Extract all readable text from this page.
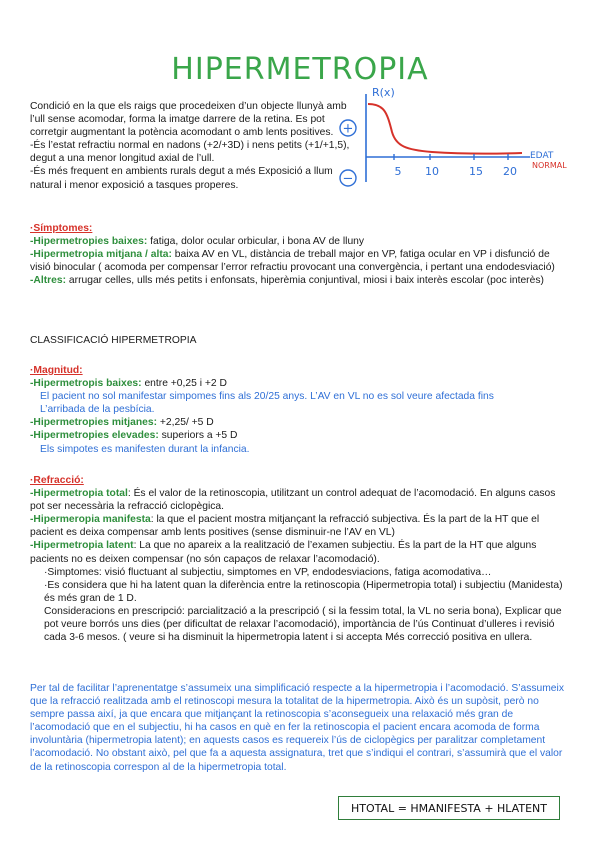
HIPERMETROPIA

Condició en la que els raigs que procedeixen d’un objecte llunyà amb l’ull sense acomodar, forma la imatge darrere de la retina. Es pot corretgir augmentant la potència acomodant o amb lents positives.

-És l’estat refractiu normal en nadons (+2/+3D) i nens petits (+1/+1,5), degut a una menor longitud axial de l’ull.

-És més frequent en ambients rurals degut a més Exposició a llum natural i menor exposició a tasques properes.

R(x)
+
−	5 10	15 20
EDAT
NORMAL

·Símptomes:

-Hipermetropies baixes: fatiga, dolor ocular orbicular, i bona AV de lluny

-Hipermetropia mitjana / alta: baixa AV en VL, distància de treball major en VP, fatiga ocular en VP i disfunció de visió binocular ( acomoda per compensar l’error refractiu provocant una convergència, i pertant una endodesviació)

-Altres: arrugar celles, ulls més petits i enfonsats, hiperèmia conjuntival, miosi i baix interès escolar (poc interès)

CLASSIFICACIÓ HIPERMETROPIA

·Magnitud:

-Hipermetropis baixes: entre +0,25 i +2 D

El pacient no sol manifestar simpomes fins als 20/25 anys. L’AV en VL no es sol veure afectada fins

L’arribada de la pesbícia.

-Hipermetropies mitjanes: +2,25/ +5 D

-Hipermetropies elevades: superiors a +5 D

Els simpotes es manifesten durant la infancia.

·Refracció:

-Hipermetropia total: És el valor de la retinoscopia, utilitzant un control adequat de l’acomodació. En alguns casos pot ser necessària la refracció ciclopègica.

-Hipermeropia manifesta: la que el pacient mostra mitjançant la refracció subjectiva. És la part de la HT que el pacient es deixa compensar amb lents positives (sense disminuir-ne l’AV en VL)

-Hipermetropia latent: La que no apareix a la realització de l’examen subjectiu. És la part de la HT que alguns pacients no es deixen compensar (no són capaços de relaxar l’acomodació).

·Simptomes: visió fluctuant al subjectiu, simptomes en VP, endodesviacions, fatiga acomodativa…

·Es considera que hi ha latent quan la diferència entre la retinoscopia (Hipermetropia total) i subjectiu (Manidesta) és més gran de 1 D.

Consideracions en prescripció: parcialització a la prescripció ( si la fessim total, la VL no seria bona), Explicar que pot veure borrós uns dies (per dificultat de relaxar l’acomodació), importància de l’ús Continuat d’ulleres i revisió cada 3-6 mesos. ( veure si ha disminuit la hipermetropia latent i si accepta Més correcció positiva en ullera.

Per tal de facilitar l’aprenentatge s’assumeix una simplificació respecte a la hipermetropia i l’acomodació. S’assumeix que la refracció realitzada amb el retinoscopi mesura la totalitat de la hipermetropia. Això és un supòsit, però no sempre passa així, ja que encara que mitjançant la retinoscopia s’aconsegueix una relaxació més gran de l’acomodació que en el subjectiu, hi ha casos en què en fer la retinoscopia el pacient encara acomoda de forma involuntària (hipermetropia latent); en aquests casos es requereix l’ús de ciclopègics per paralitzar completament l’acomodació. No obstant això, pel que fa a aquesta assignatura, tret que s’indiqui el contrari, s’assumirà que el valor de la retinoscopia correspon al de la hipermetropia total.

HTOTAL = HMANIFESTA + HLATENT
